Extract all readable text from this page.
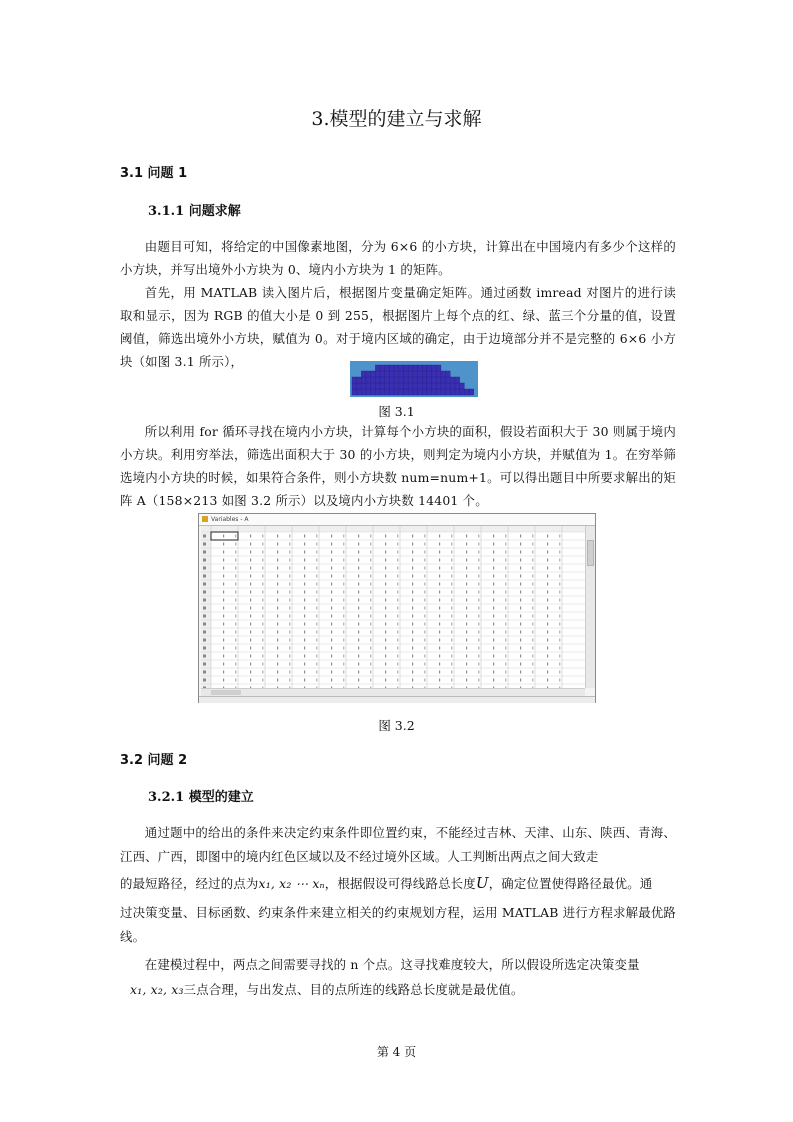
3.模型的建立与求解
3.1 问题 1
3.1.1 问题求解

由题目可知，将给定的中国像素地图，分为 6×6 的小方块，计算出在中国境内有多少个这样的小方块，并写出境外小方块为 0、境内小方块为 1 的矩阵。

首先，用 MATLAB 读入图片后，根据图片变量确定矩阵。通过函数 imread 对图片的进行读取和显示，因为 RGB 的值大小是 0 到 255，根据图片上每个点的红、绿、蓝三个分量的值，设置阈值，筛选出境外小方块，赋值为 0。对于境内区域的确定，由于边境部分并不是完整的 6×6 小方块（如图 3.1 所示），

图 3.1

所以利用 for 循环寻找在境内小方块，计算每个小方块的面积，假设若面积大于 30 则属于境内小方块。利用穷举法，筛选出面积大于 30 的小方块，则判定为境内小方块，并赋值为 1。在穷举筛选境内小方块的时候，如果符合条件，则小方块数 num=num+1。可以得出题目中所要求解出的矩阵 A（158×213 如图 3.2 所示）以及境内小方块数 14401 个。

Variables - A
图 3.2
3.2 问题 2
3.2.1 模型的建立

通过题中的给出的条件来决定约束条件即位置约束，不能经过吉林、天津、山东、陕西、青海、江西、广西，即图中的境内红色区域以及不经过境外区域。人工判断出两点之间大致走

的最短路径，经过的点为x₁, x₂ ⋯ xₙ，根据假设可得线路总长度U，确定位置使得路径最优。通

过决策变量、目标函数、约束条件来建立相关的约束规划方程，运用 MATLAB 进行方程求解最优路线。

在建模过程中，两点之间需要寻找的 n 个点。这寻找难度较大，所以假设所选定决策变量

x₁, x₂, x₃三点合理，与出发点、目的点所连的线路总长度就是最优值。

第 4 页
